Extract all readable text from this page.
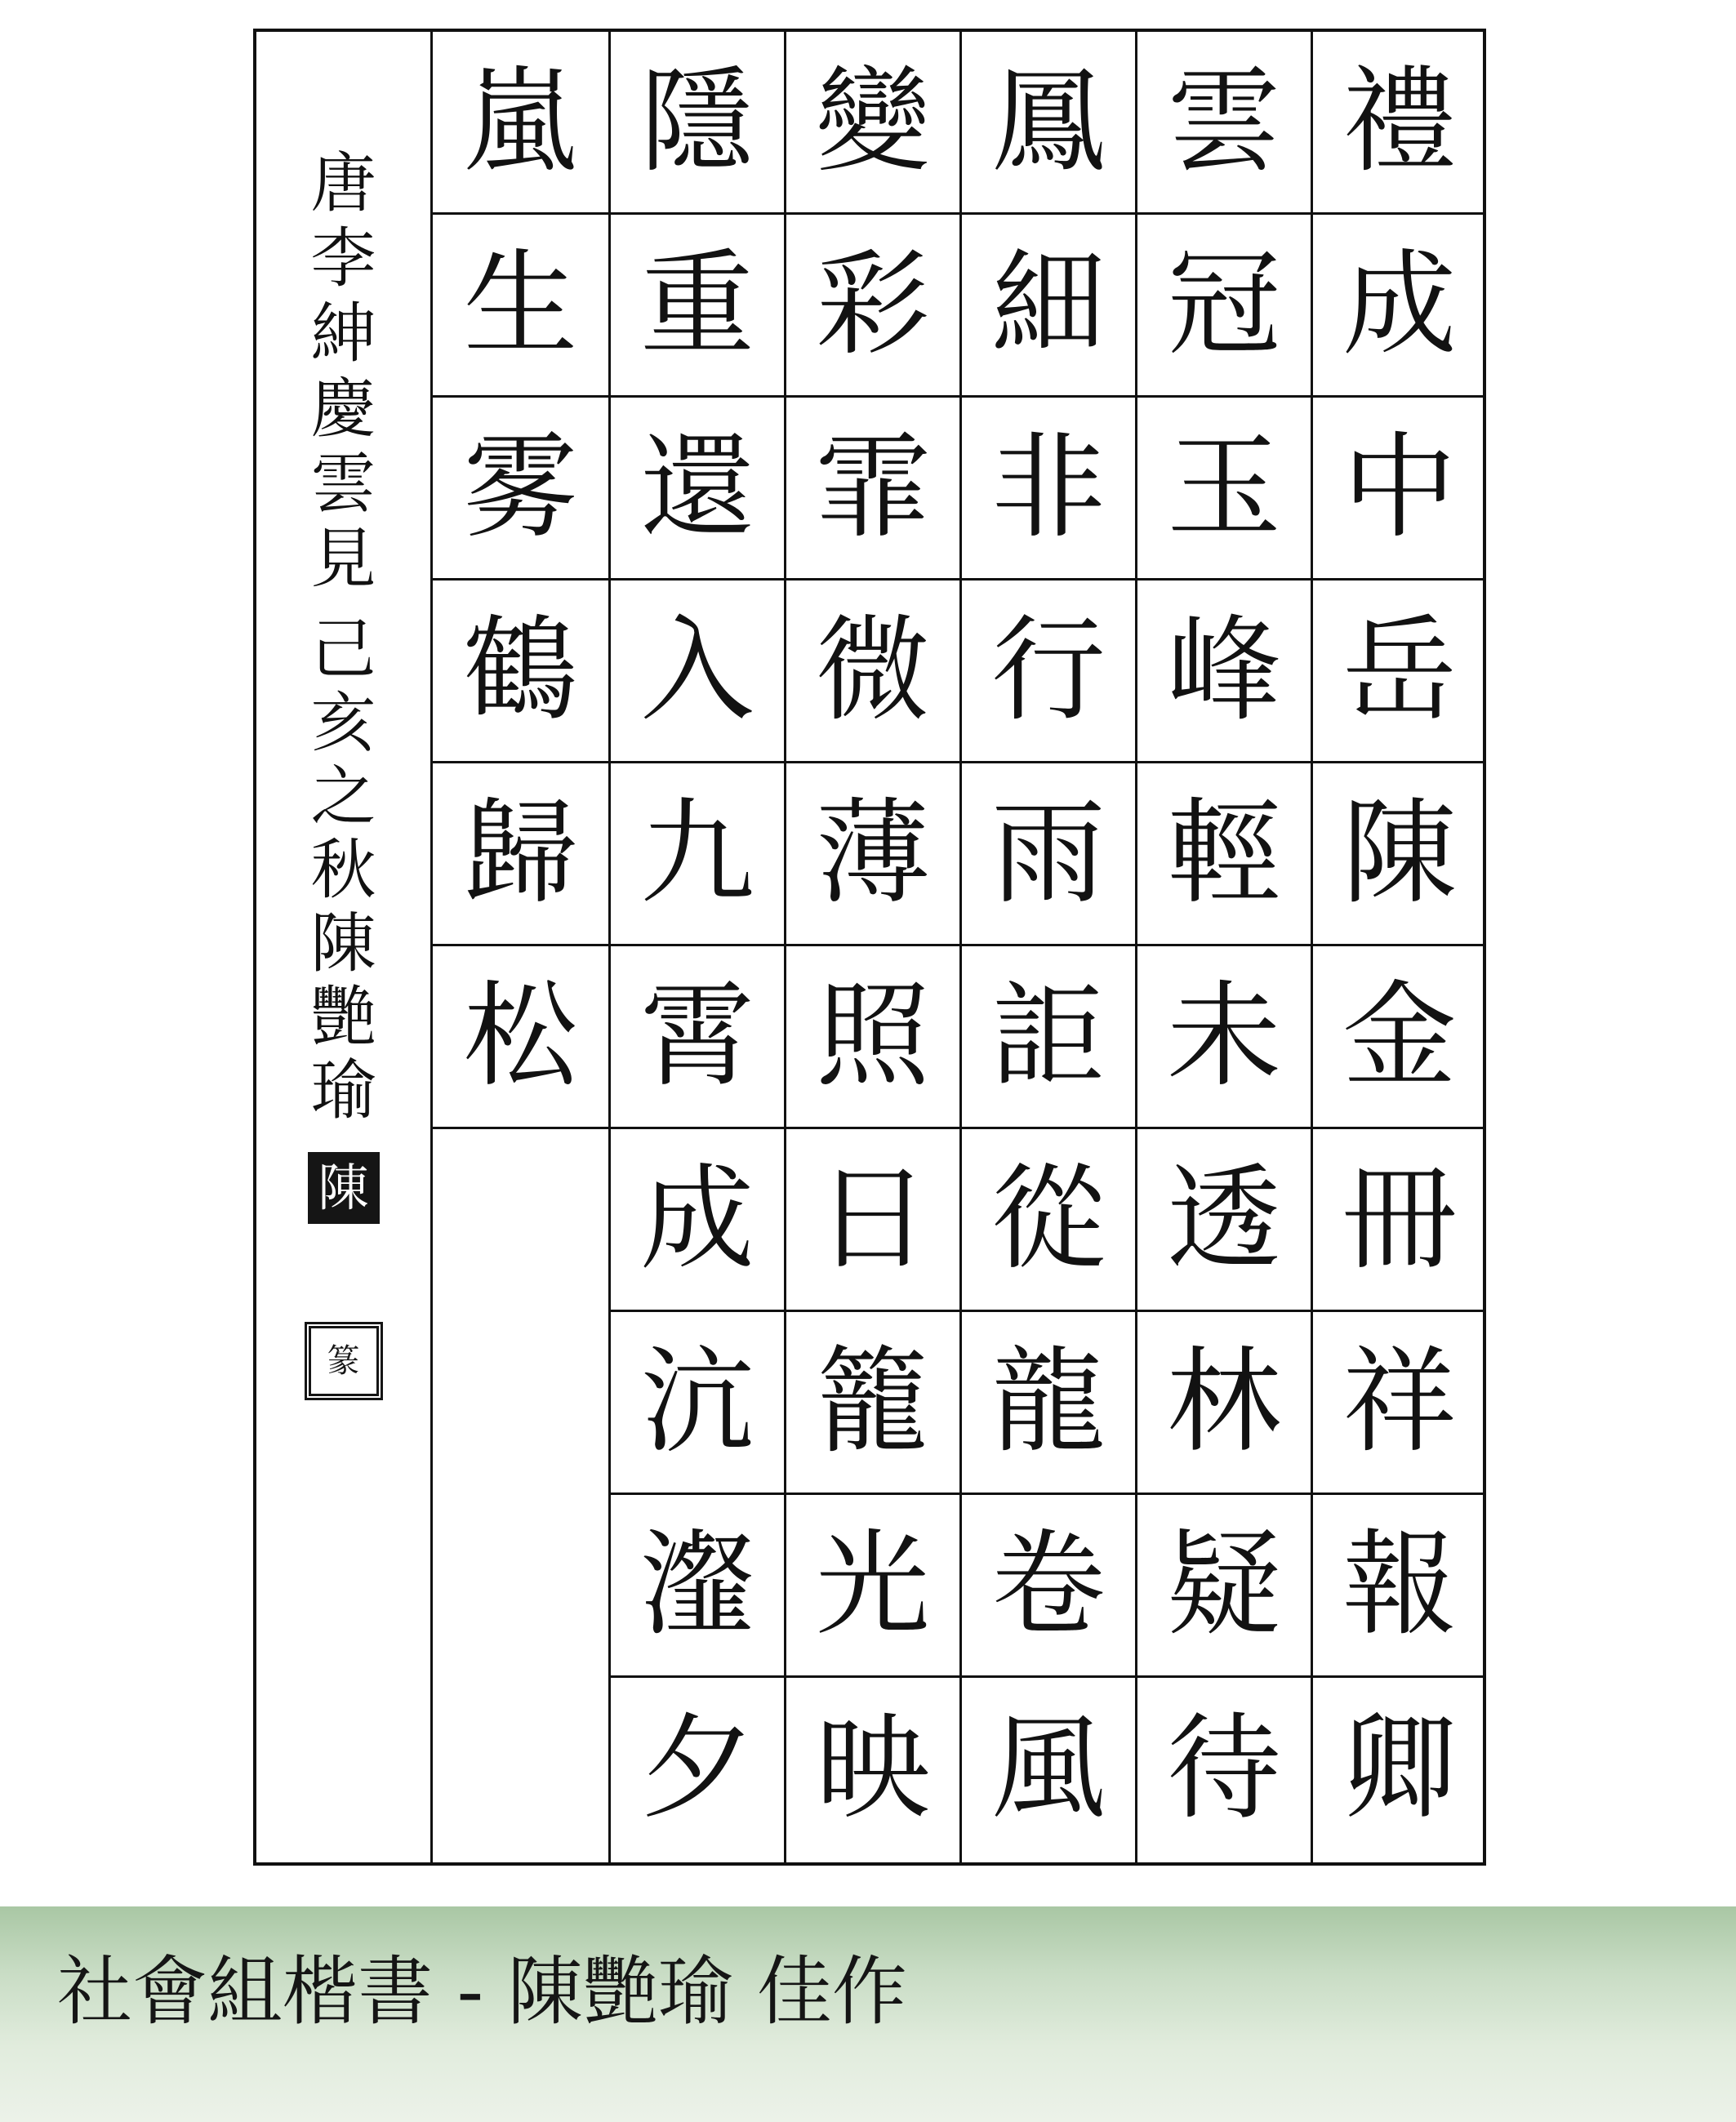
唐
李
紳
慶
雲
見
己
亥
之
秋
陳
艷
瑜
陳
篆
禮
成
中
岳
陳
金
冊
祥
報
卿
雲
冠
玉
峰
輕
未
透
林
疑
待
鳳
細
非
行
雨
詎
從
龍
卷
風
變
彩
霏
微
薄
照
日
籠
光
映
隱
重
還
入
九
霄
成
沆
瀣
夕
嵐
生
雾
鶴
歸
松
社會組楷書 - 陳艷瑜 佳作
